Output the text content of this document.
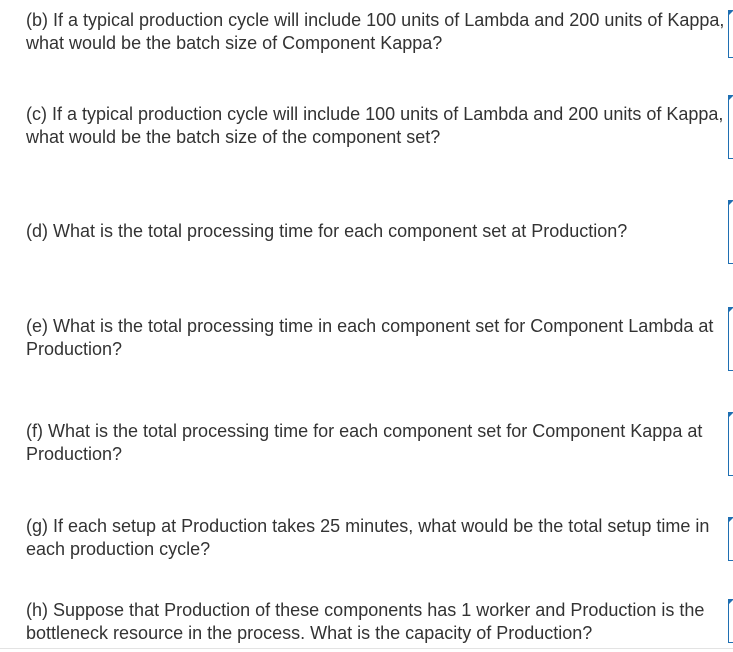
(b) If a typical production cycle will include 100 units of Lambda and 200 units of Kappa, what would be the batch size of Component Kappa?

(c) If a typical production cycle will include 100 units of Lambda and 200 units of Kappa, what would be the batch size of the component set?

(d) What is the total processing time for each component set at Production?

(e) What is the total processing time in each component set for Component Lambda at Production?

(f) What is the total processing time for each component set for Component Kappa at Production?

(g) If each setup at Production takes 25 minutes, what would be the total setup time in each production cycle?

(h) Suppose that Production of these components has 1 worker and Production is the bottleneck resource in the process. What is the capacity of Production?
